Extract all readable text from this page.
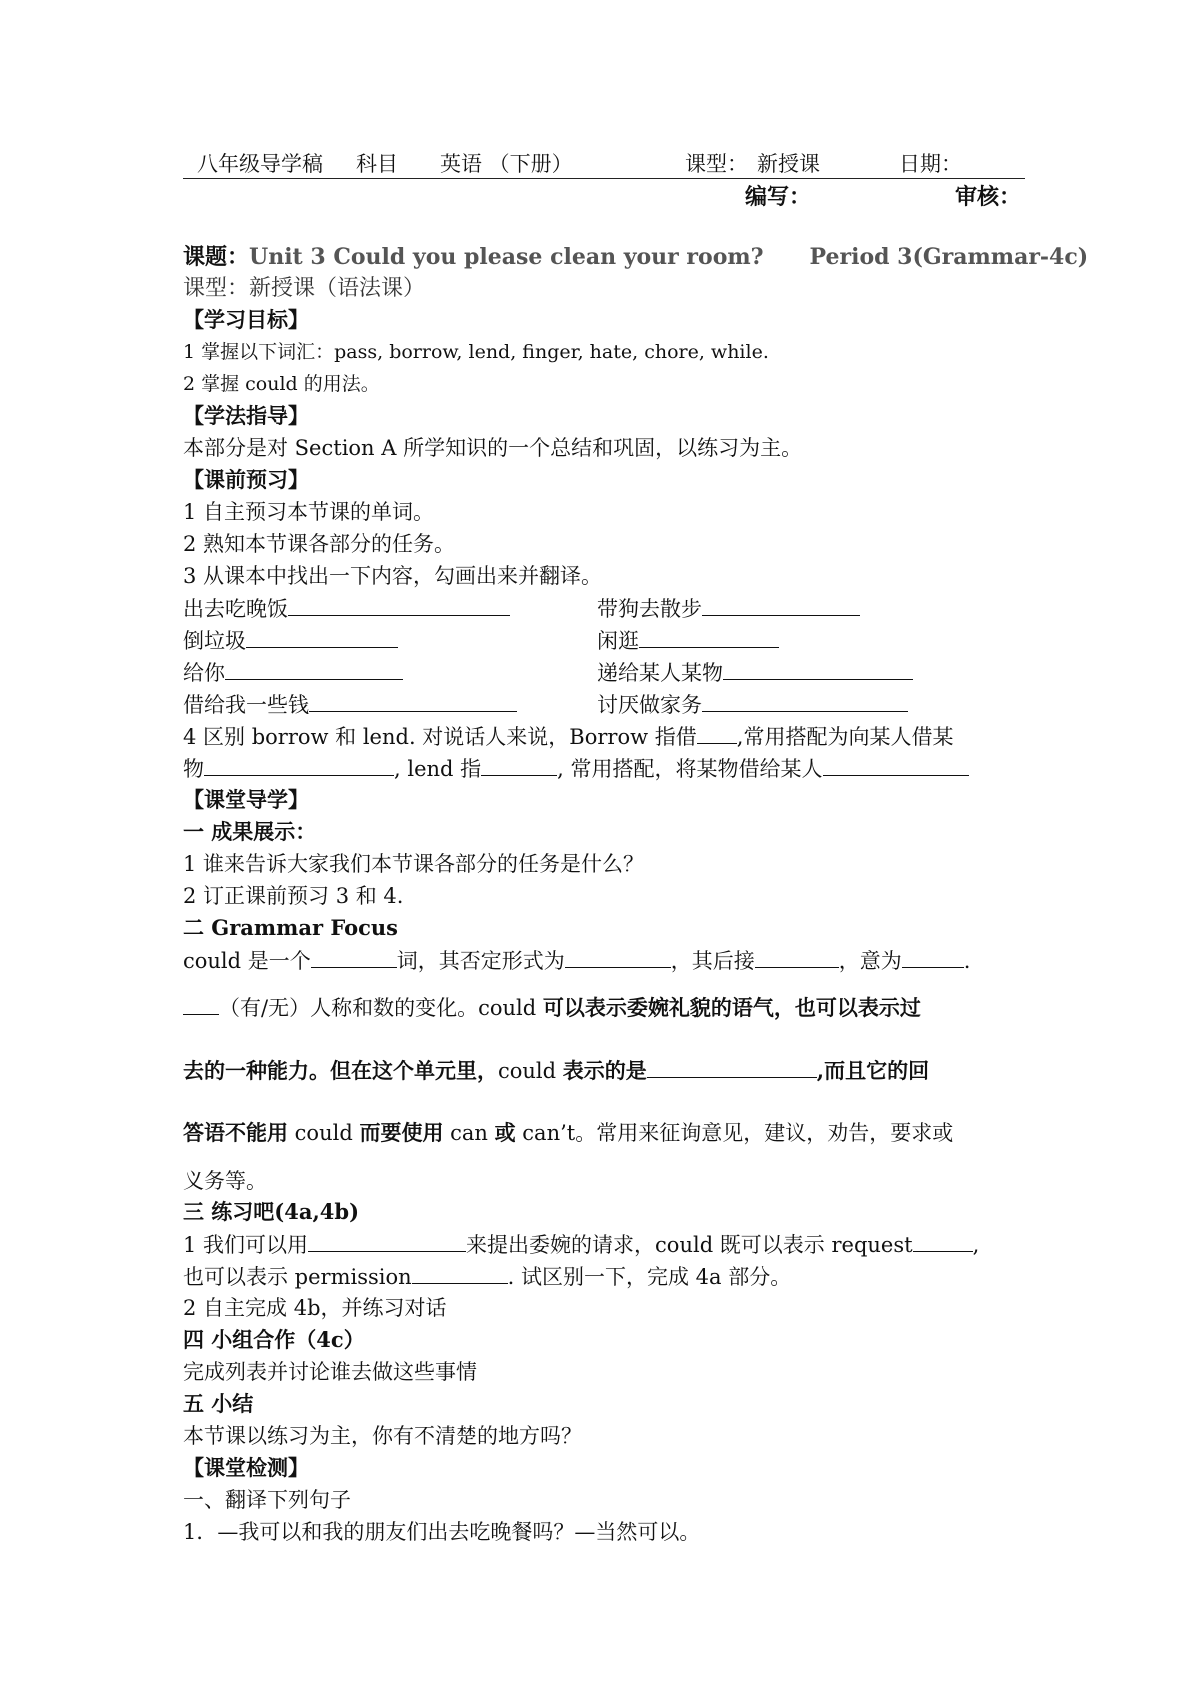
八年级导学稿 科目 英语 （下册）	课型： 新授课	日期：
编写：	审核：
课题：Unit 3 Could you please clean your room? Period 3(Grammar-4c)
课型：新授课（语法课）
【学习目标】
1 掌握以下词汇：pass, borrow, lend, finger, hate, chore, while.
2 掌握 could 的用法。
【学法指导】
本部分是对 Section A 所学知识的一个总结和巩固，以练习为主。
【课前预习】
1 自主预习本节课的单词。
2 熟知本节课各部分的任务。
3 从课本中找出一下内容，勾画出来并翻译。
出去吃晚饭	带狗去散步
倒垃圾	闲逛
给你	递给某人某物
借给我一些钱	讨厌做家务
4 区别 borrow 和 lend. 对说话人来说，Borrow 指借 ,常用搭配为向某人借某
物	, lend 指	, 常用搭配，将某物借给某人
【课堂导学】
一 成果展示：
1 谁来告诉大家我们本节课各部分的任务是什么？
2 订正课前预习 3 和 4.
二 Grammar Focus
could 是一个	词，其否定形式为	，其后接	，意为	.
（有/无）人称和数的变化。could 可以表示委婉礼貌的语气，也可以表示过
去的一种能力。但在这个单元里，could 表示的是	,而且它的回
答语不能用 could 而要使用 can 或 can’t。常用来征询意见，建议，劝告，要求或
义务等。
三 练习吧(4a,4b)
1 我们可以用	来提出委婉的请求，could 既可以表示 request	,
也可以表示 permission	. 试区别一下，完成 4a 部分。
2 自主完成 4b，并练习对话
四 小组合作（4c）
完成列表并讨论谁去做这些事情
五 小结
本节课以练习为主，你有不清楚的地方吗？
【课堂检测】
一、翻译下列句子
1．—我可以和我的朋友们出去吃晚餐吗？—当然可以。
